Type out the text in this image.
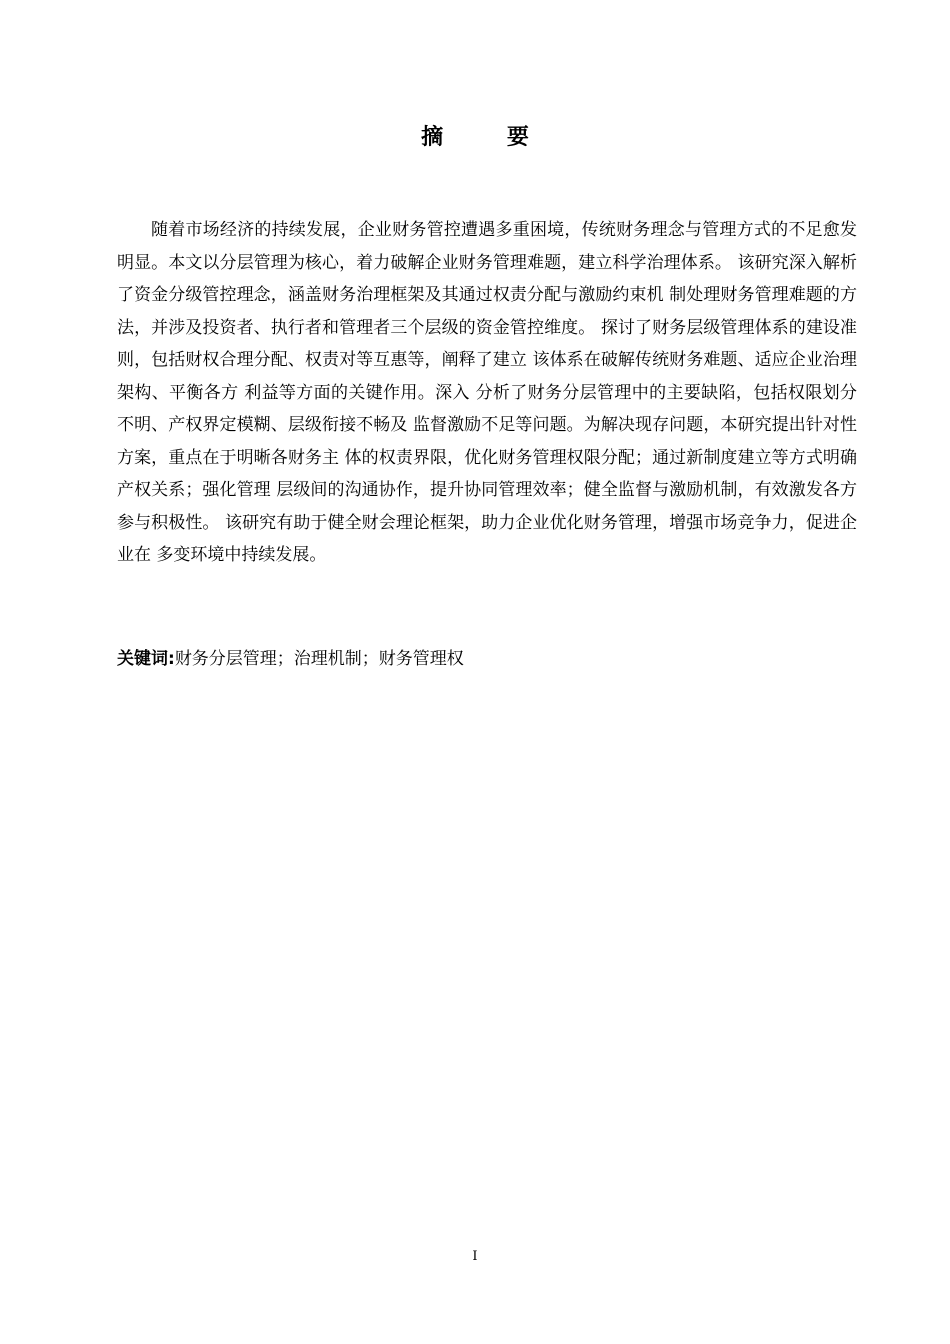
摘 要

随着市场经济的持续发展，企业财务管控遭遇多重困境，传统财务理念与管理方式的不足愈发明显。本文以分层管理为核心，着力破解企业财务管理难题，建立科学治理体系。 该研究深入解析了资金分级管控理念，涵盖财务治理框架及其通过权责分配与激励约束机 制处理财务管理难题的方法，并涉及投资者、执行者和管理者三个层级的资金管控维度。 探讨了财务层级管理体系的建设准则，包括财权合理分配、权责对等互惠等，阐释了建立 该体系在破解传统财务难题、适应企业治理架构、平衡各方 利益等方面的关键作用。深入 分析了财务分层管理中的主要缺陷，包括权限划分不明、产权界定模糊、层级衔接不畅及 监督激励不足等问题。为解决现存问题，本研究提出针对性方案，重点在于明晰各财务主 体的权责界限，优化财务管理权限分配；通过新制度建立等方式明确产权关系；强化管理 层级间的沟通协作，提升协同管理效率；健全监督与激励机制，有效激发各方参与积极性。 该研究有助于健全财会理论框架，助力企业优化财务管理，增强市场竞争力，促进企业在 多变环境中持续发展。

关键词:财务分层管理；治理机制；财务管理权

I
